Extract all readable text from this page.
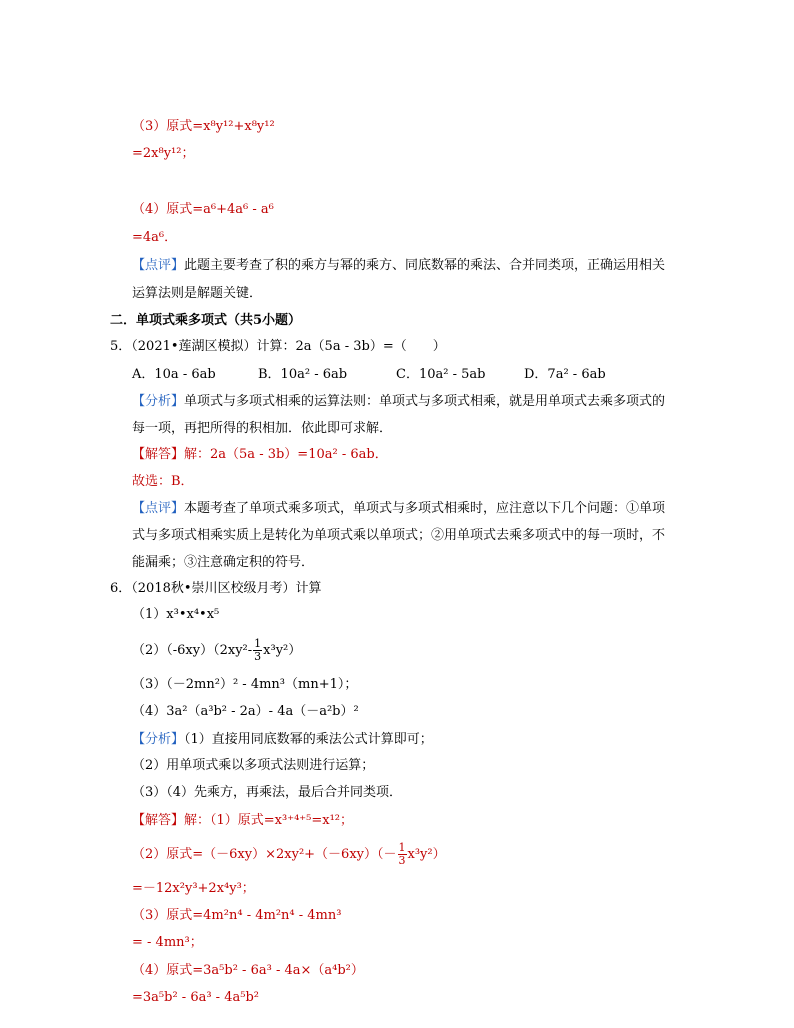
（3）原式=x⁸y¹²+x⁸y¹²
=2x⁸y¹²；
（4）原式=a⁶+4a⁶ - a⁶
=4a⁶．
【点评】此题主要考查了积的乘方与幂的乘方、同底数幂的乘法、合并同类项，正确运用相关
运算法则是解题关键．
二．单项式乘多项式（共5小题）
5．（2021•莲湖区模拟）计算：2a（5a - 3b）=（　　）
A．10a - 6ab	B．10a² - 6ab	C．10a² - 5ab	D．7a² - 6ab
【分析】单项式与多项式相乘的运算法则：单项式与多项式相乘，就是用单项式去乘多项式的
每一项，再把所得的积相加．依此即可求解．
【解答】解：2a（5a - 3b）=10a² - 6ab．
故选：B．
【点评】本题考查了单项式乘多项式，单项式与多项式相乘时，应注意以下几个问题：①单项
式与多项式相乘实质上是转化为单项式乘以单项式；②用单项式去乘多项式中的每一项时，不
能漏乘；③注意确定积的符号．
6．（2018秋•崇川区校级月考）计算
（1）x³•x⁴•x⁵
$(2)(-6xy)(2xy^2- \frac{1}{3} x^3y^2)$
（3）（－2mn²）² - 4mn³（mn+1）；
（4）3a²（a³b² - 2a）- 4a（－a²b）²
【分析】（1）直接用同底数幂的乘法公式计算即可；
（2）用单项式乘以多项式法则进行运算；
（3）（4）先乘方，再乘法，最后合并同类项．
【解答】解：（1）原式=x³⁺⁴⁺⁵=x¹²；
（2）原式$=(-6xy)\times 2xy^2+(-6xy)(- \frac{1}{3} x^3y^2)$
=－12x²y³+2x⁴y³；
（3）原式=4m²n⁴ - 4m²n⁴ - 4mn³
= - 4mn³；
（4）原式=3a⁵b² - 6a³ - 4a×（a⁴b²）
=3a⁵b² - 6a³ - 4a⁵b²
